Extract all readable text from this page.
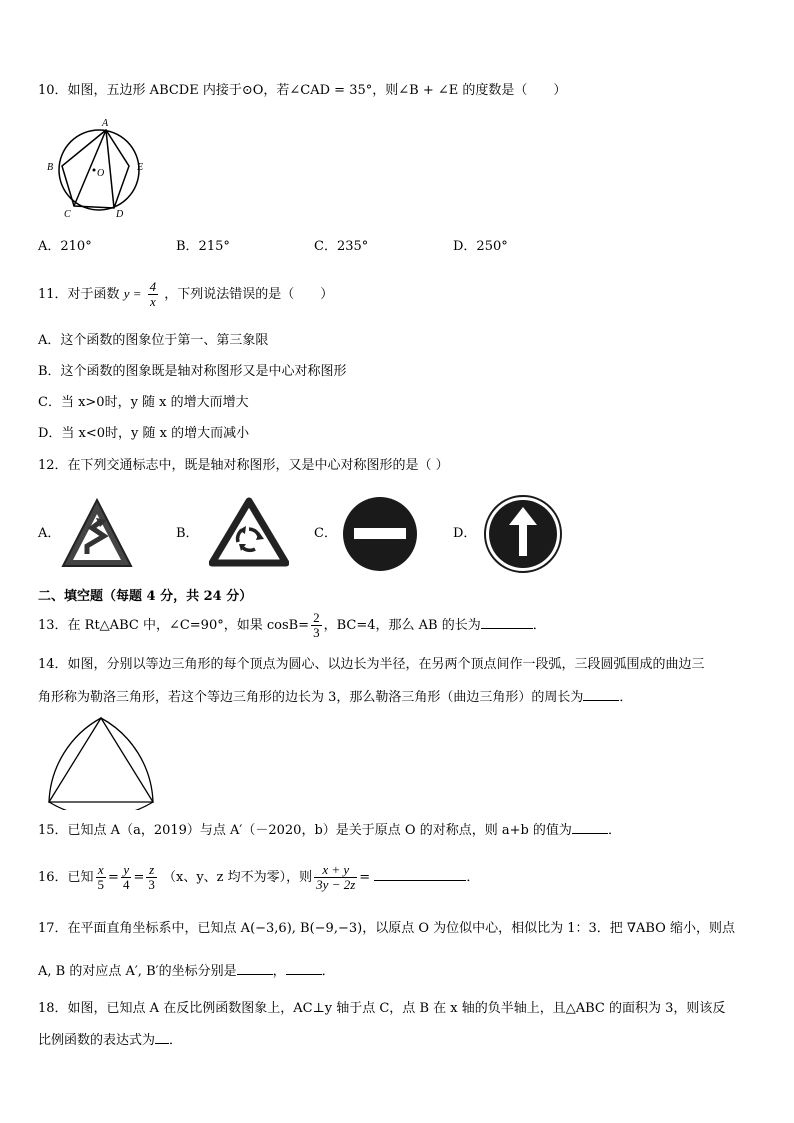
10．如图，五边形 ABCDE 内接于⊙O，若∠CAD = 35°，则∠B + ∠E 的度数是（　　）
A
B
C	D
E
O
A．210°	B．215°	C．235°	D．250°
11．对于函数 $y = \frac{4}{x}$ ，下列说法错误的是（　　）
A．这个函数的图象位于第一、第三象限
B．这个函数的图象既是轴对称图形又是中心对称图形
C．当 x>0时，y 随 x 的增大而增大
D．当 x<0时，y 随 x 的增大而减小
12．在下列交通标志中，既是轴对称图形，又是中心对称图形的是（ ）
A．	B．	C．	D．
二、填空题（每题 4 分，共 24 分）
13．在 Rt△ABC 中，∠C=90°，如果 $\cos B= \frac{2}{3}$ ，BC=4，那么 AB 的长为	．
14．如图，分别以等边三角形的每个顶点为圆心、以边长为半径，在另两个顶点间作一段弧，三段圆弧围成的曲边三
角形称为勒洛三角形，若这个等边三角形的边长为 3，那么勒洛三角形（曲边三角形）的周长为	．
15．已知点 A（a，2019）与点 A′（－2020，b）是关于原点 O 的对称点，则 a+b 的值为	．
16．已知 $\frac{x}{5} = \frac{y}{4} = \frac{z}{3} (x$、y、z 均不为零），则 $\frac{x + y}{3y - 2z}$ =	．
17．在平面直角坐标系中，已知点 A(−3,6), B(−9,−3)，以原点 O 为位似中心，相似比为 1：3．把 ∇ABO 缩小，则点
A, B 的对应点 A′, B′的坐标分别是	，	．
18．如图，已知点 A 在反比例函数图象上，AC⊥y 轴于点 C，点 B 在 x 轴的负半轴上，且△ABC 的面积为 3，则该反
比例函数的表达式为 ．
